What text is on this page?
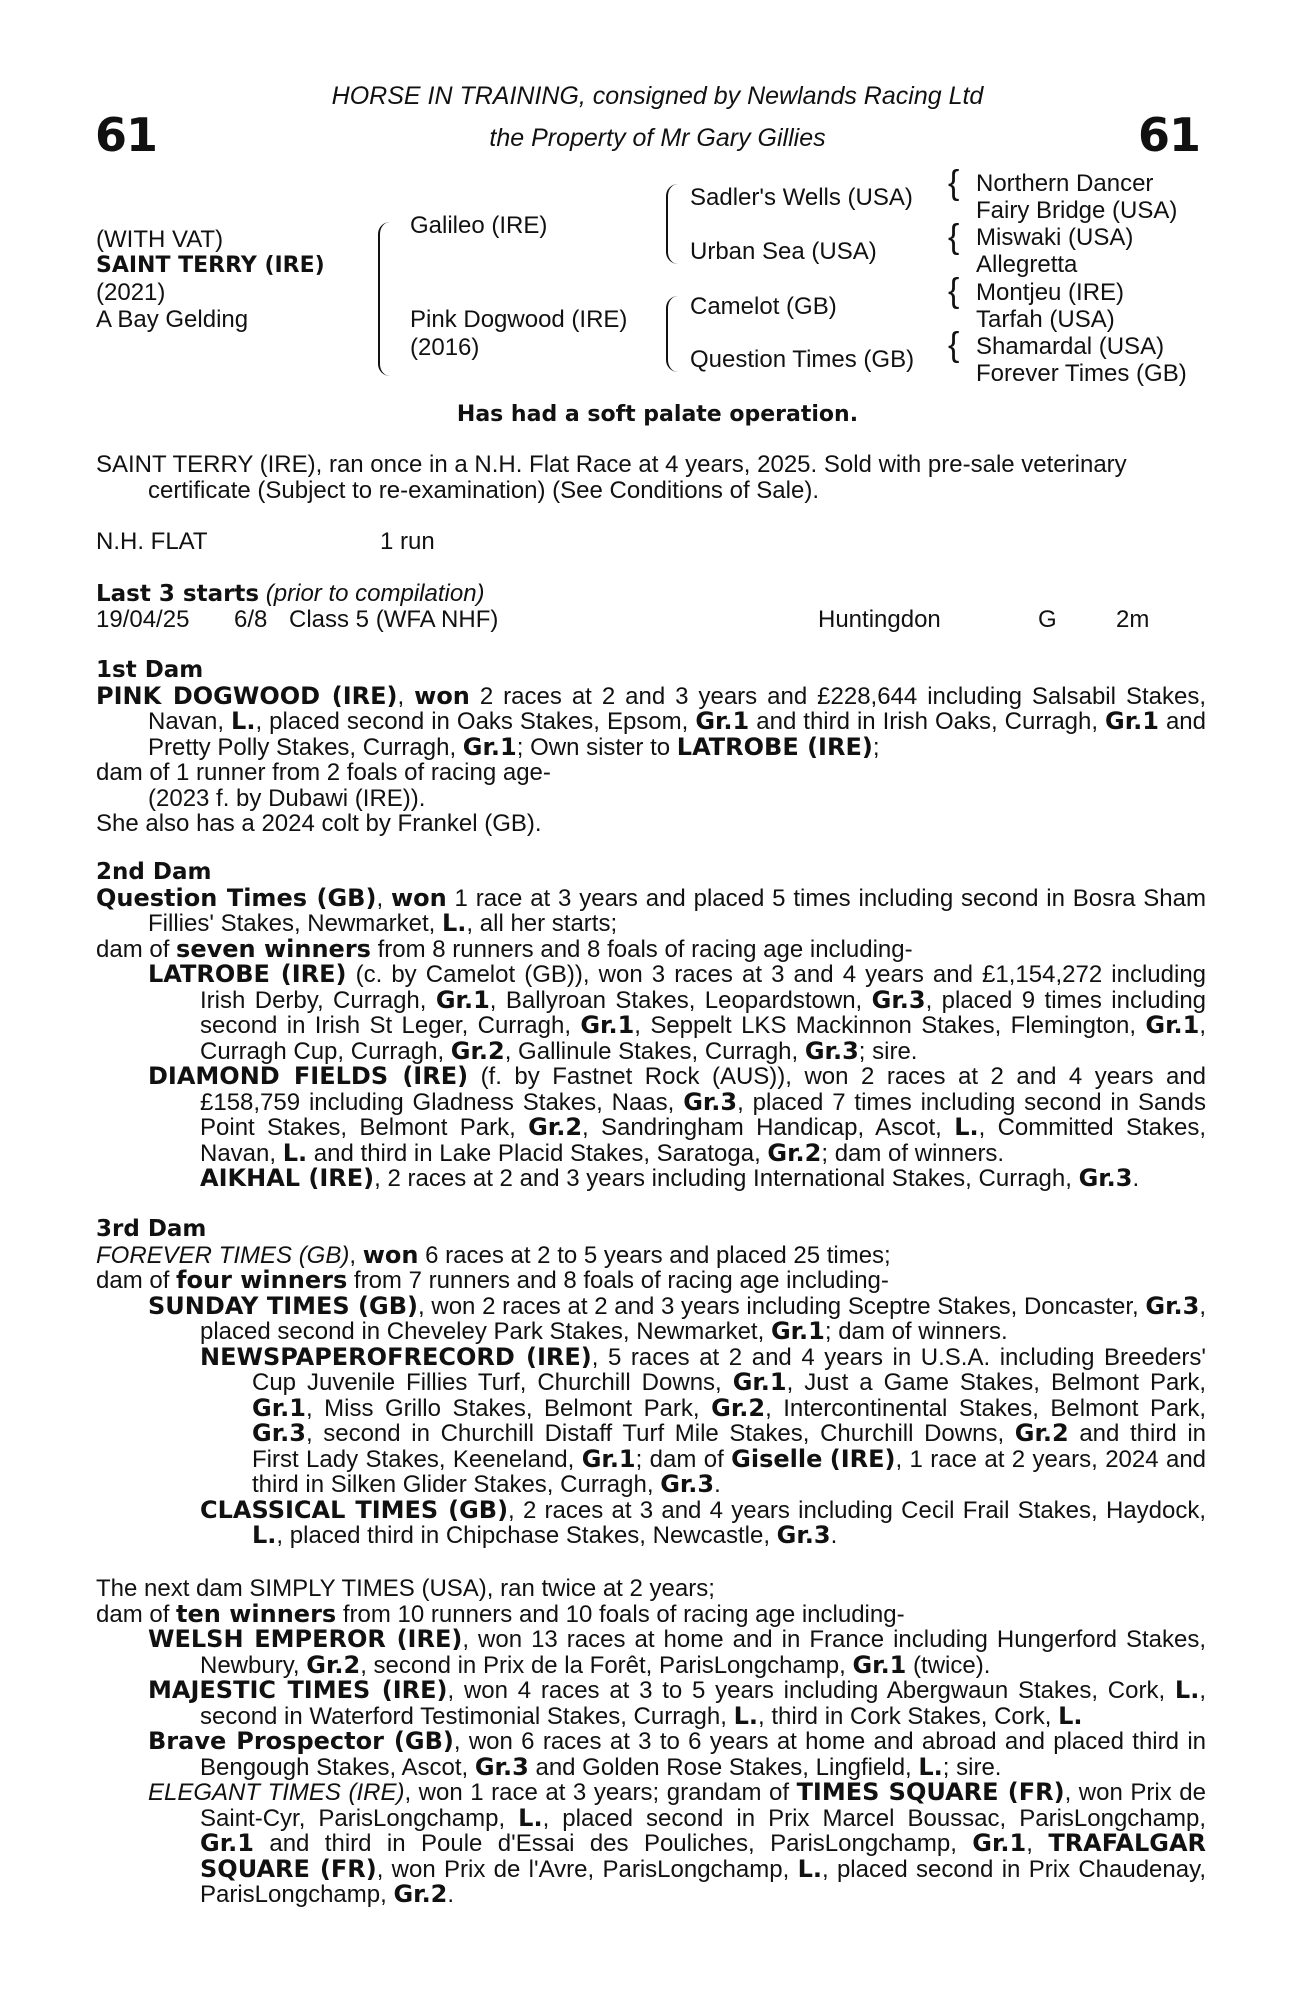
61	61
HORSE IN TRAINING, consigned by Newlands Racing Ltd
the Property of Mr Gary Gillies
(WITH VAT)
SAINT TERRY (IRE)
(2021)
A Bay Gelding
{
{
{
{
Galileo (IRE)
Pink Dogwood (IRE)
(2016)
Sadler's Wells (USA)
Urban Sea (USA)
Camelot (GB)
Question Times (GB)
Northern Dancer
Fairy Bridge (USA)
Miswaki (USA)
Allegretta
Montjeu (IRE)
Tarfah (USA)
Shamardal (USA)
Forever Times (GB)
Has had a soft palate operation.
SAINT TERRY (IRE), ran once in a N.H. Flat Race at 4 years, 2025. Sold with pre-sale veterinary
certificate (Subject to re-examination) (See Conditions of Sale).
N.H. FLAT	1 run
Last 3 starts (prior to compilation)
19/04/25 6/8 Class 5 (WFA NHF)	Huntingdon	G 2m
1st Dam
PINK DOGWOOD (IRE), won 2 races at 2 and 3 years and £228,644 including Salsabil Stakes, Navan, L., placed second in Oaks Stakes, Epsom, Gr.1 and third in Irish Oaks, Curragh, Gr.1 and Pretty Polly Stakes, Curragh, Gr.1; Own sister to LATROBE (IRE);
dam of 1 runner from 2 foals of racing age-
(2023 f. by Dubawi (IRE)).
She also has a 2024 colt by Frankel (GB).
2nd Dam
Question Times (GB), won 1 race at 3 years and placed 5 times including second in Bosra Sham Fillies' Stakes, Newmarket, L., all her starts;
dam of seven winners from 8 runners and 8 foals of racing age including-
LATROBE (IRE) (c. by Camelot (GB)), won 3 races at 3 and 4 years and £1,154,272 including Irish Derby, Curragh, Gr.1, Ballyroan Stakes, Leopardstown, Gr.3, placed 9 times including second in Irish St Leger, Curragh, Gr.1, Seppelt LKS Mackinnon Stakes, Flemington, Gr.1, Curragh Cup, Curragh, Gr.2, Gallinule Stakes, Curragh, Gr.3; sire.
DIAMOND FIELDS (IRE) (f. by Fastnet Rock (AUS)), won 2 races at 2 and 4 years and £158,759 including Gladness Stakes, Naas, Gr.3, placed 7 times including second in Sands Point Stakes, Belmont Park, Gr.2, Sandringham Handicap, Ascot, L., Committed Stakes, Navan, L. and third in Lake Placid Stakes, Saratoga, Gr.2; dam of winners.
AIKHAL (IRE), 2 races at 2 and 3 years including International Stakes, Curragh, Gr.3.
3rd Dam
FOREVER TIMES (GB), won 6 races at 2 to 5 years and placed 25 times;
dam of four winners from 7 runners and 8 foals of racing age including-
SUNDAY TIMES (GB), won 2 races at 2 and 3 years including Sceptre Stakes, Doncaster, Gr.3, placed second in Cheveley Park Stakes, Newmarket, Gr.1; dam of winners.
NEWSPAPEROFRECORD (IRE), 5 races at 2 and 4 years in U.S.A. including Breeders' Cup Juvenile Fillies Turf, Churchill Downs, Gr.1, Just a Game Stakes, Belmont Park, Gr.1, Miss Grillo Stakes, Belmont Park, Gr.2, Intercontinental Stakes, Belmont Park, Gr.3, second in Churchill Distaff Turf Mile Stakes, Churchill Downs, Gr.2 and third in First Lady Stakes, Keeneland, Gr.1; dam of Giselle (IRE), 1 race at 2 years, 2024 and third in Silken Glider Stakes, Curragh, Gr.3.
CLASSICAL TIMES (GB), 2 races at 3 and 4 years including Cecil Frail Stakes, Haydock, L., placed third in Chipchase Stakes, Newcastle, Gr.3.
The next dam SIMPLY TIMES (USA), ran twice at 2 years;
dam of ten winners from 10 runners and 10 foals of racing age including-
WELSH EMPEROR (IRE), won 13 races at home and in France including Hungerford Stakes, Newbury, Gr.2, second in Prix de la Forêt, ParisLongchamp, Gr.1 (twice).
MAJESTIC TIMES (IRE), won 4 races at 3 to 5 years including Abergwaun Stakes, Cork, L., second in Waterford Testimonial Stakes, Curragh, L., third in Cork Stakes, Cork, L.
Brave Prospector (GB), won 6 races at 3 to 6 years at home and abroad and placed third in Bengough Stakes, Ascot, Gr.3 and Golden Rose Stakes, Lingfield, L.; sire.
ELEGANT TIMES (IRE), won 1 race at 3 years; grandam of TIMES SQUARE (FR), won Prix de Saint-Cyr, ParisLongchamp, L., placed second in Prix Marcel Boussac, ParisLongchamp, Gr.1 and third in Poule d'Essai des Pouliches, ParisLongchamp, Gr.1, TRAFALGAR SQUARE (FR), won Prix de l'Avre, ParisLongchamp, L., placed second in Prix Chaudenay, ParisLongchamp, Gr.2.
